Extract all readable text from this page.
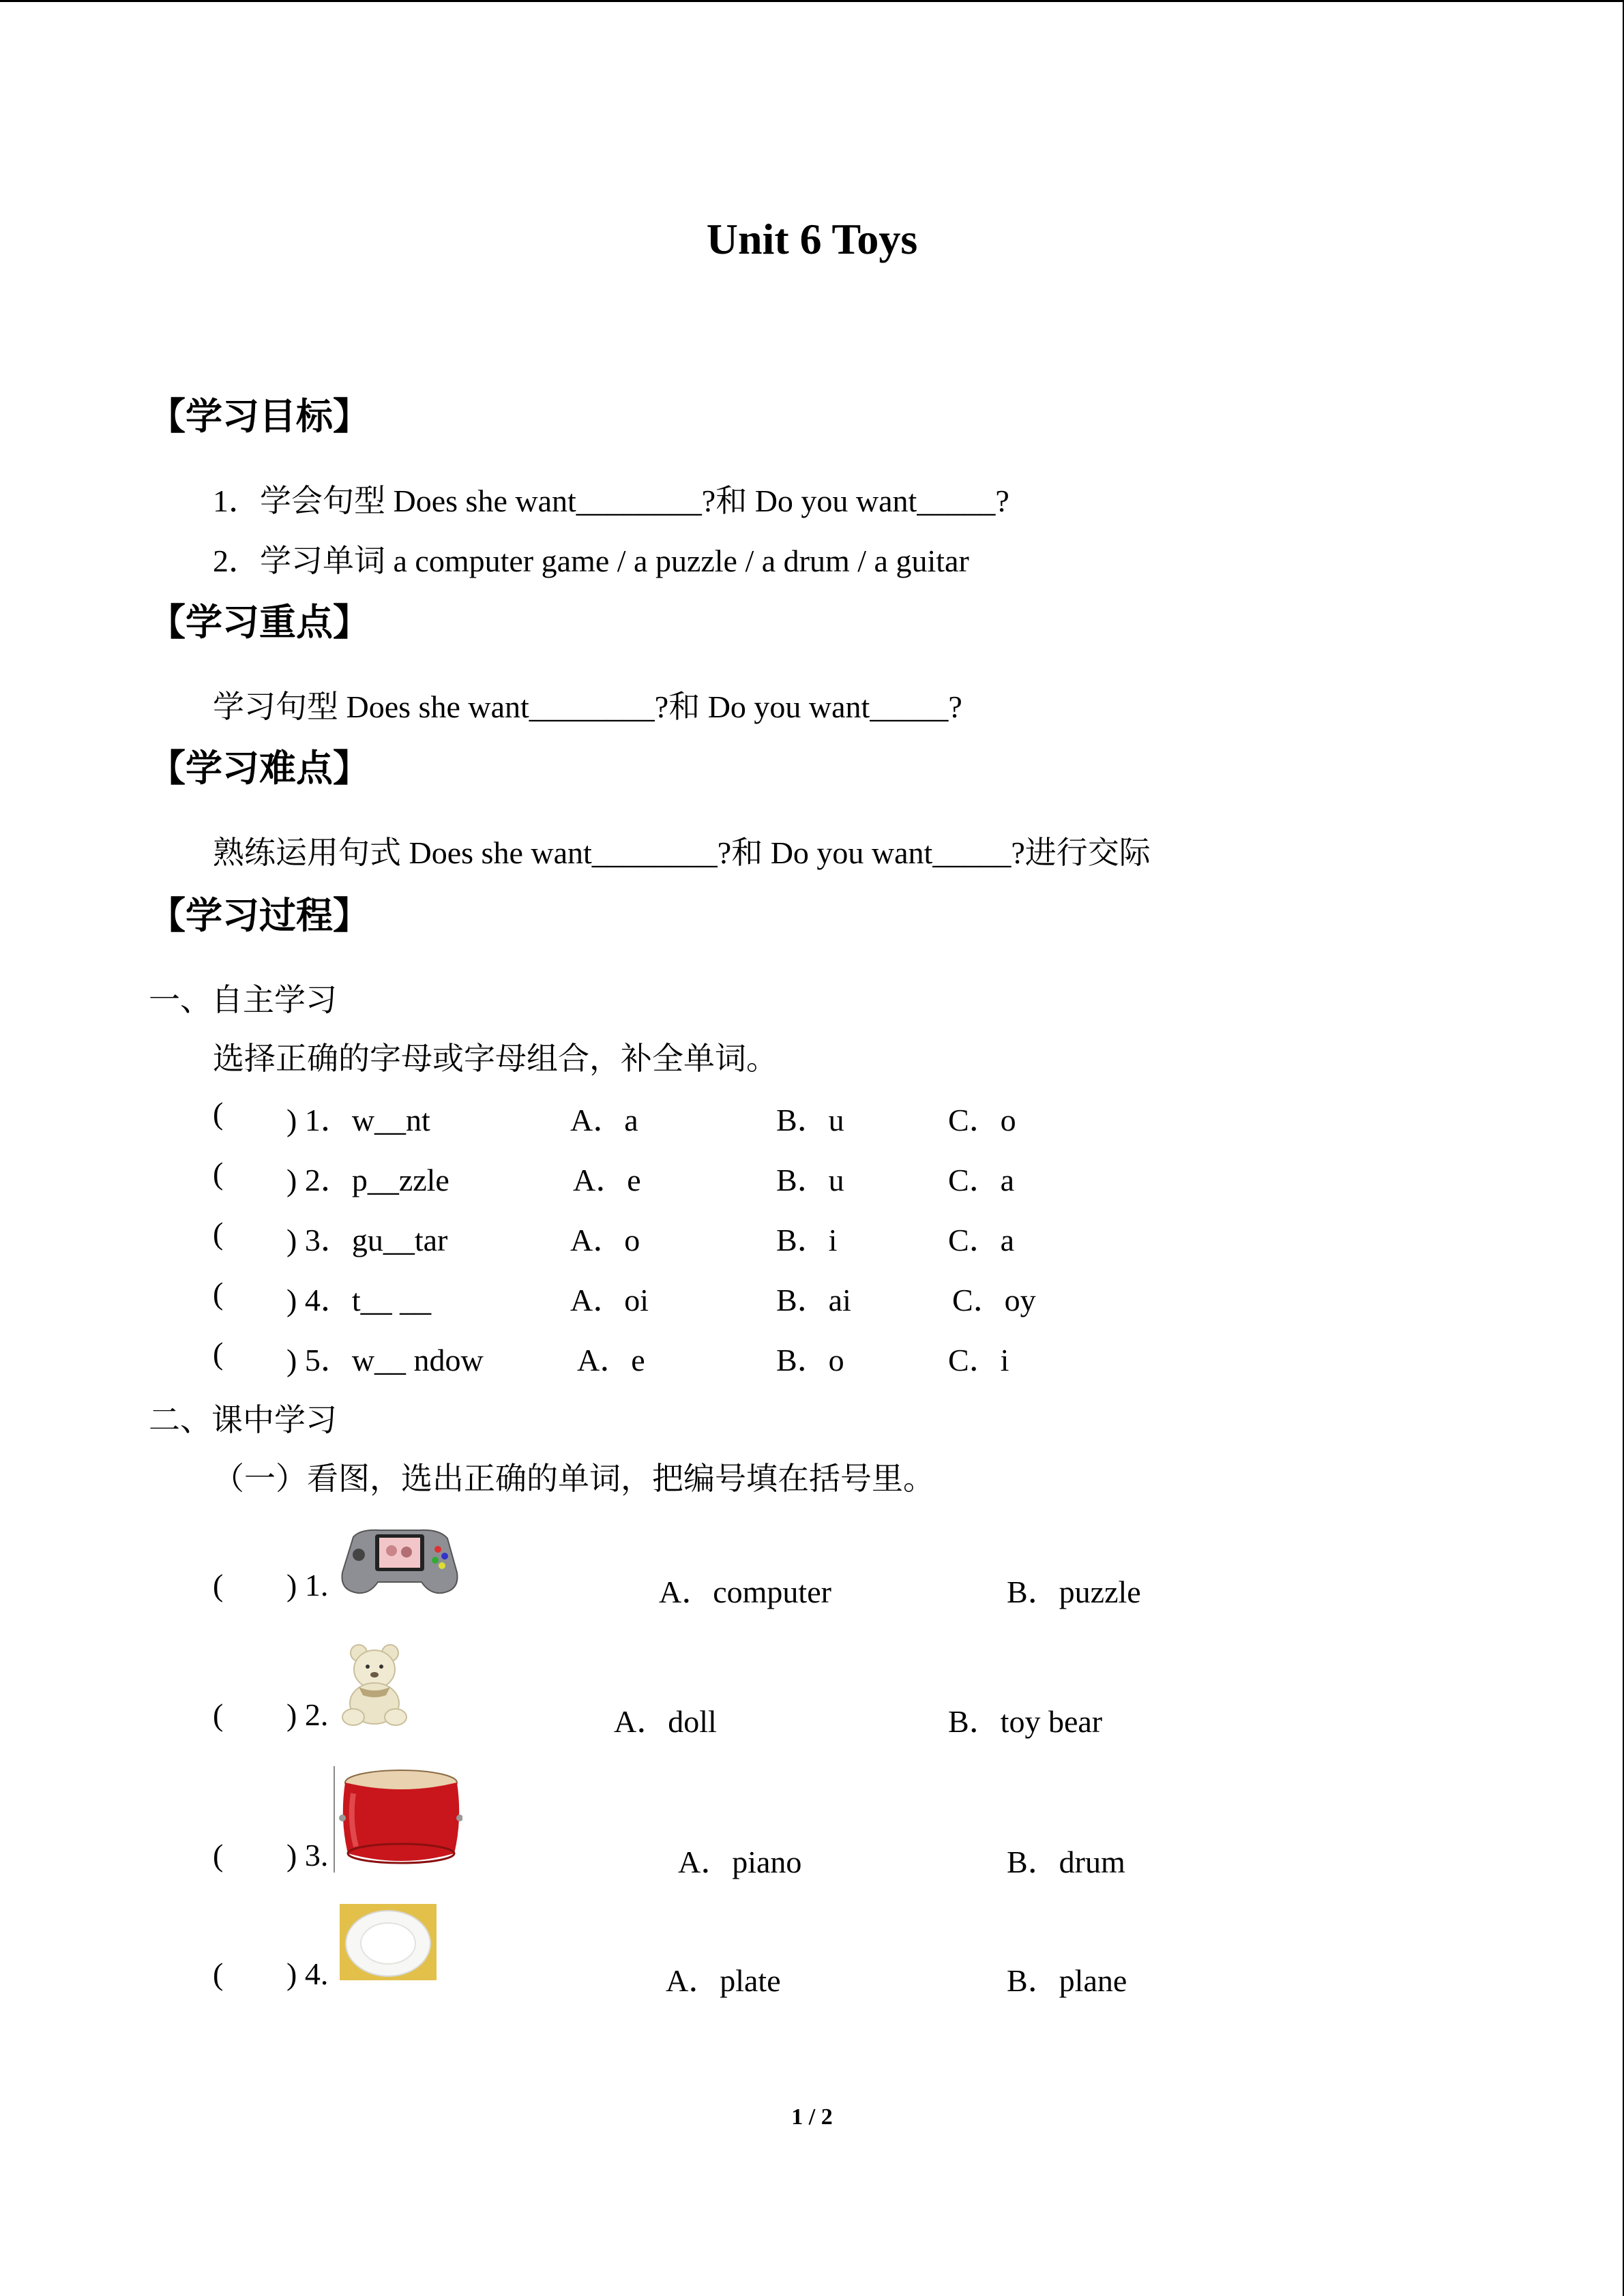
Unit 6 Toys
【学习目标】
1．学会句型 Does she want________?和 Do you want_____?
2．学习单词 a computer game / a puzzle / a drum / a guitar
【学习重点】
学习句型 Does she want________?和 Do you want_____?
【学习难点】
熟练运用句式 Does she want________?和 Do you want_____?进行交际
【学习过程】
一、自主学习
选择正确的字母或字母组合，补全单词。
( ) 1．w__nt	A．a	B．u	C．o
( ) 2．p__zzle	A．e	B．u	C．a
( ) 3．gu__tar	A．o	B．i	C．a
( ) 4．t__ __	A．oi	B．ai	C．oy
( ) 5．w__ ndow	A．e	B．o	C．i
二、课中学习
（一）看图，选出正确的单词，把编号填在括号里。
( ) 1.	A．computer	B．puzzle
( ) 2.	A．doll	B．toy bear
( ) 3.	A．piano	B．drum
( ) 4.	A．plate	B．plane
1 / 2
